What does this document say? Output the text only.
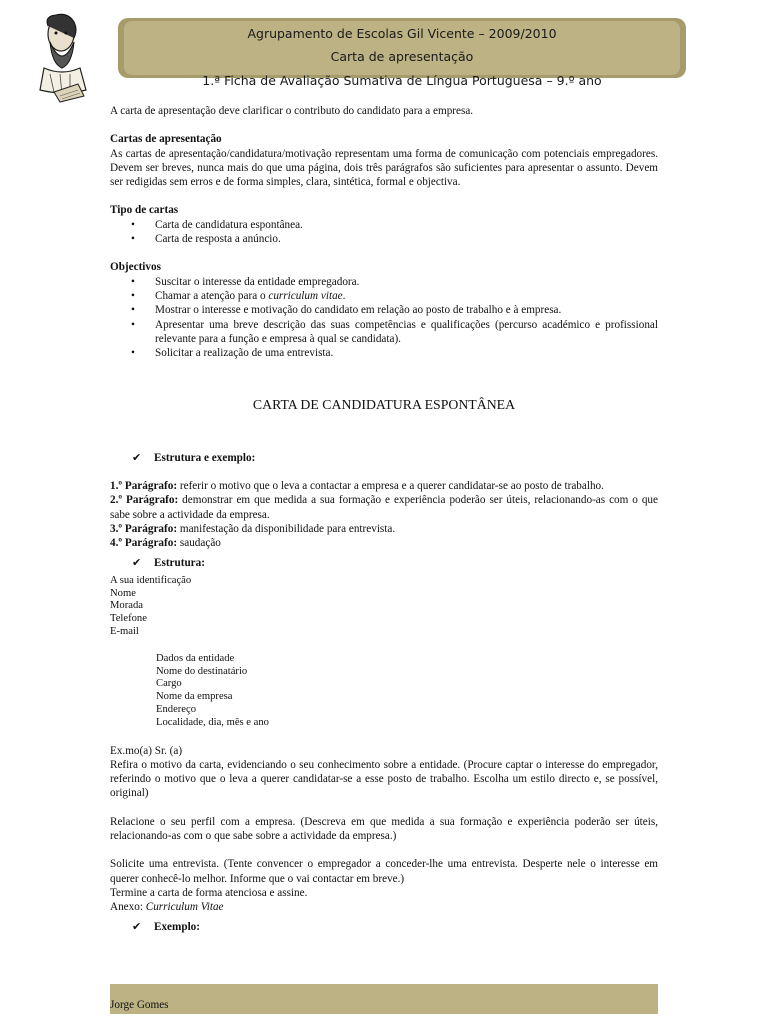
Agrupamento de Escolas Gil Vicente – 2009/2010
Carta de apresentação
1.ª Ficha de Avaliação Sumativa de Língua Portuguesa – 9.º ano

A carta de apresentação deve clarificar o contributo do candidato para a empresa.

Cartas de apresentação

As cartas de apresentação/candidatura/motivação representam uma forma de comunicação com potenciais empregadores. Devem ser breves, nunca mais do que uma página, dois três parágrafos são suficientes para apresentar o assunto. Devem ser redigidas sem erros e de forma simples, clara, sintética, formal e objectiva.

Tipo de cartas

• Carta de candidatura espontânea.
• Carta de resposta a anúncio.

Objectivos

• Suscitar o interesse da entidade empregadora.
• Chamar a atenção para o curriculum vitae.
• Mostrar o interesse e motivação do candidato em relação ao posto de trabalho e à empresa.
• Apresentar uma breve descrição das suas competências e qualificações (percurso académico e profissional relevante para a função e empresa à qual se candidata).
• Solicitar a realização de uma entrevista.

CARTA DE CANDIDATURA ESPONTÂNEA

✔ Estrutura e exemplo:

1.º Parágrafo: referir o motivo que o leva a contactar a empresa e a querer candidatar-se ao posto de trabalho.

2.º Parágrafo: demonstrar em que medida a sua formação e experiência poderão ser úteis, relacionando-as com o que sabe sobre a actividade da empresa.

3.º Parágrafo: manifestação da disponibilidade para entrevista.

4.º Parágrafo: saudação

✔ Estrutura:

A sua identificação

Nome

Morada

Telefone

E-mail

Dados da entidade

Nome do destinatário

Cargo

Nome da empresa

Endereço

Localidade, dia, mês e ano

Ex.mo(a) Sr. (a)

Refira o motivo da carta, evidenciando o seu conhecimento sobre a entidade. (Procure captar o interesse do empregador, referindo o motivo que o leva a querer candidatar-se a esse posto de trabalho. Escolha um estilo directo e, se possível, original)

Relacione o seu perfil com a empresa. (Descreva em que medida a sua formação e experiência poderão ser úteis, relacionando-as com o que sabe sobre a actividade da empresa.)

Solicite uma entrevista. (Tente convencer o empregador a conceder-lhe uma entrevista. Desperte nele o interesse em querer conhecê-lo melhor. Informe que o vai contactar em breve.)

Termine a carta de forma atenciosa e assine.

Anexo: Curriculum Vitae

✔ Exemplo:

Jorge Gomes
